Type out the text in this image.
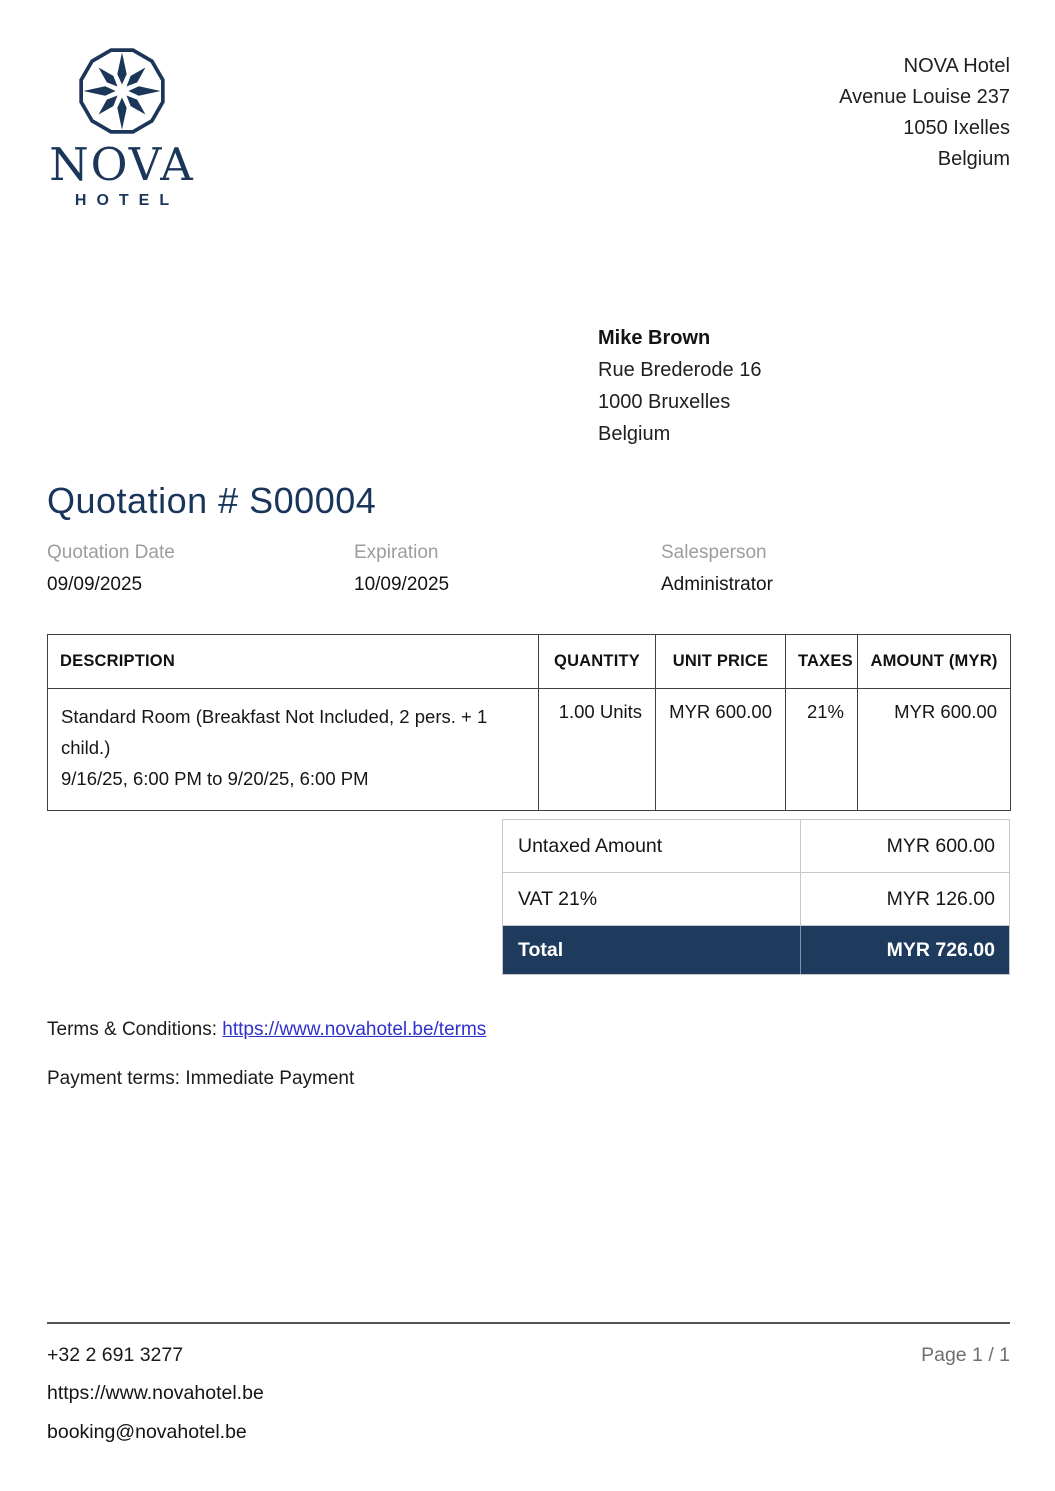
NOVA
HOTEL
NOVA Hotel
Avenue Louise 237
1050 Ixelles
Belgium
Mike Brown
Rue Brederode 16
1000 Bruxelles
Belgium
Quotation # S00004
Quotation Date
09/09/2025
Expiration
10/09/2025
Salesperson
Administrator
DESCRIPTION	QUANTITY	UNIT PRICE	TAXES	AMOUNT (MYR)

Standard Room (Breakfast Not Included, 2 pers. + 1 child.)
9/16/25, 6:00 PM to 9/20/25, 6:00 PM	1.00 Units	MYR 600.00	21%	MYR 600.00
Untaxed Amount	MYR 600.00
VAT 21%	MYR 126.00
Total	MYR 726.00
Terms & Conditions: https://www.novahotel.be/terms
Payment terms: Immediate Payment
+32 2 691 3277	Page 1 / 1
https://www.novahotel.be
booking@novahotel.be
